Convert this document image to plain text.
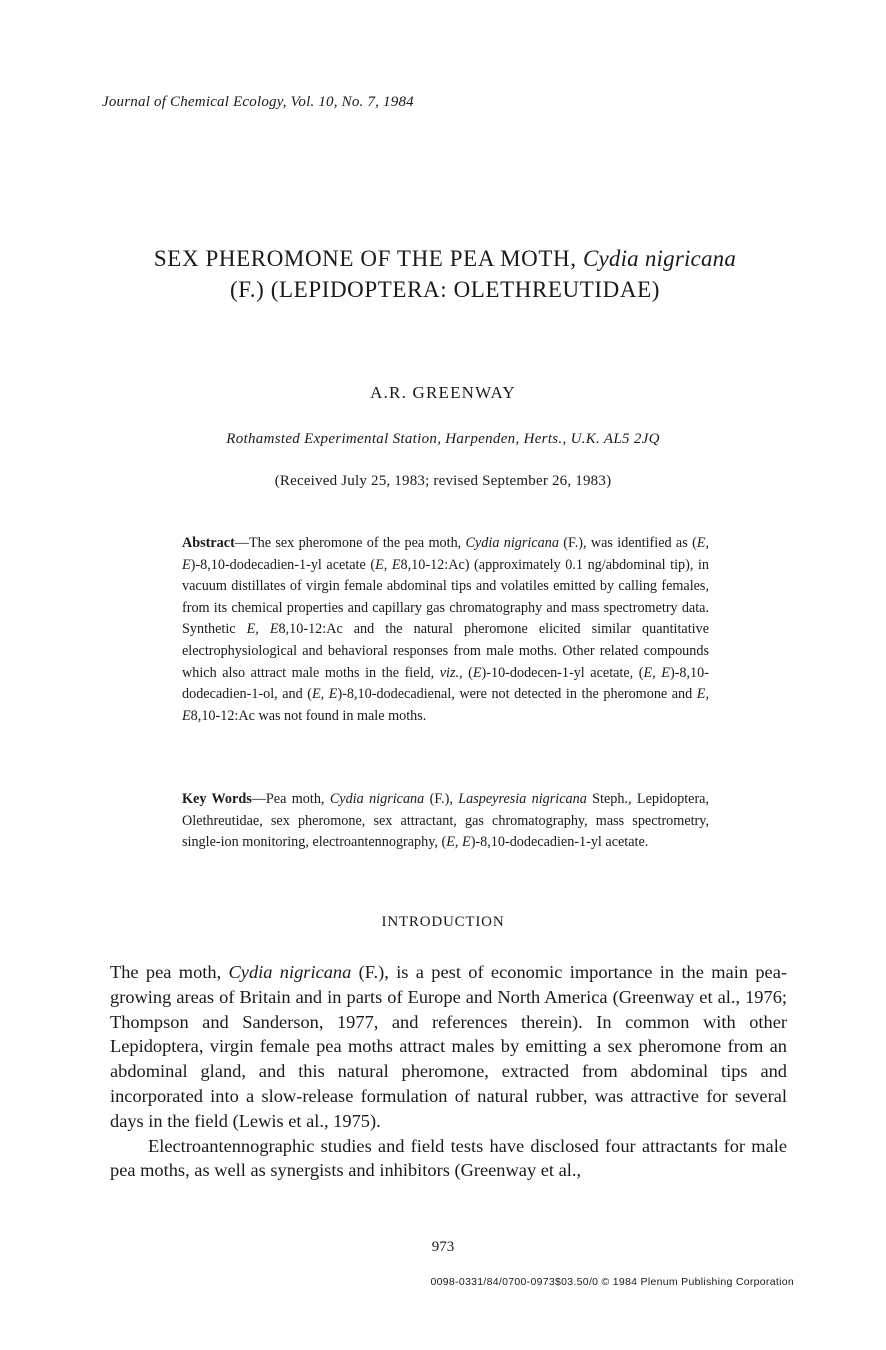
Journal of Chemical Ecology, Vol. 10, No. 7, 1984
SEX PHEROMONE OF THE PEA MOTH, Cydia nigricana
(F.) (LEPIDOPTERA: OLETHREUTIDAE)
A.R. GREENWAY
Rothamsted Experimental Station, Harpenden, Herts., U.K. AL5 2JQ
(Received July 25, 1983; revised September 26, 1983)

Abstract—The sex pheromone of the pea moth, Cydia nigricana (F.), was identified as (E, E)-8,10-dodecadien-1-yl acetate (E, E8,10-12:Ac) (approximately 0.1 ng/abdominal tip), in vacuum distillates of virgin female abdominal tips and volatiles emitted by calling females, from its chemical properties and capillary gas chromatography and mass spectrometry data. Synthetic E, E8,10-12:Ac and the natural pheromone elicited similar quantitative electrophysiological and behavioral responses from male moths. Other related compounds which also attract male moths in the field, viz., (E)-10-dodecen-1-yl acetate, (E, E)-8,10-dodecadien-1-ol, and (E, E)-8,10-dodecadienal, were not detected in the pheromone and E, E8,10-12:Ac was not found in male moths.

Key Words—Pea moth, Cydia nigricana (F.), Laspeyresia nigricana Steph., Lepidoptera, Olethreutidae, sex pheromone, sex attractant, gas chromatography, mass spectrometry, single-ion monitoring, electroantennography, (E, E)-8,10-dodecadien-1-yl acetate.

INTRODUCTION

The pea moth, Cydia nigricana (F.), is a pest of economic importance in the main pea-growing areas of Britain and in parts of Europe and North America (Greenway et al., 1976; Thompson and Sanderson, 1977, and references therein). In common with other Lepidoptera, virgin female pea moths attract males by emitting a sex pheromone from an abdominal gland, and this natural pheromone, extracted from abdominal tips and incorporated into a slow-release formulation of natural rubber, was attractive for several days in the field (Lewis et al., 1975).

Electroantennographic studies and field tests have disclosed four attractants for male pea moths, as well as synergists and inhibitors (Greenway et al.,

973
0098-0331/84/0700-0973$03.50/0 © 1984 Plenum Publishing Corporation
